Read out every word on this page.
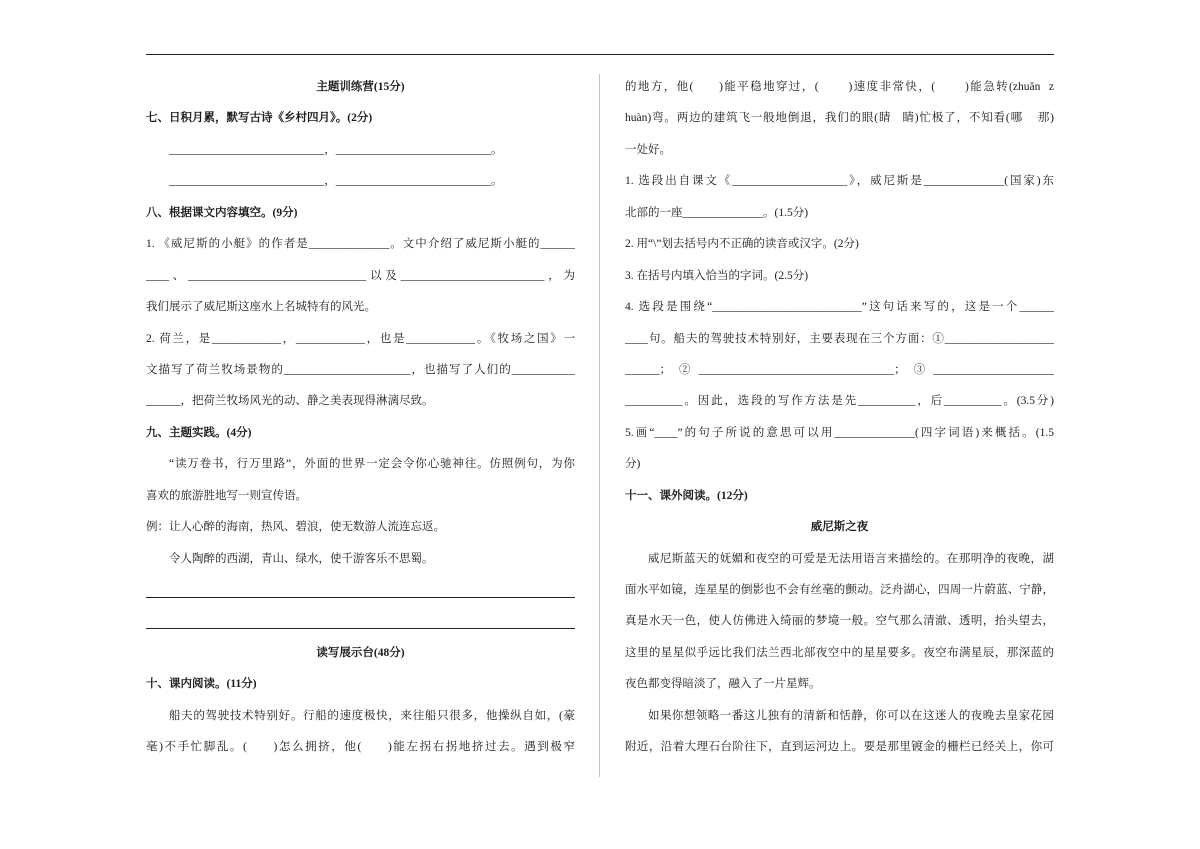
主题训练营(15分)
七、日积月累，默写古诗《乡村四月》。(2分)
___________________________，___________________________。
___________________________，___________________________。
八、根据课文内容填空。(9分)
1. 《威尼斯的小艇》的作者是______________。文中介绍了威尼斯小艇的______
____、_______________________________以及_________________________，为
我们展示了威尼斯这座水上名城特有的风光。
2. 荷兰，是____________，____________，也是____________。《牧场之国》一
文描写了荷兰牧场景物的______________________，也描写了人们的___________
______，把荷兰牧场风光的动、静之美表现得淋漓尽致。
九、主题实践。(4分)
“读万卷书，行万里路”，外面的世界一定会令你心驰神往。仿照例句，为你
喜欢的旅游胜地写一则宣传语。
例：让人心醉的海南，热风、碧浪，使无数游人流连忘返。
令人陶醉的西湖，青山、绿水，使千游客乐不思蜀。
读写展示台(48分)
十、课内阅读。(11分)
船夫的驾驶技术特别好。行船的速度极快，来往船只很多，他操纵自如，(豪
毫)不手忙脚乱。(      )怎么拥挤，他(      )能左拐右拐地挤过去。遇到极窄
的地方，他(      )能平稳地穿过，(       )速度非常快，(       )能急转(zhuǎn  z
huàn)弯。两边的建筑飞一般地倒退，我们的眼(睛   睛)忙极了，不知看(哪    那)
一处好。
1. 选段出自课文《____________________》，威尼斯是______________(国家)东
北部的一座______________。(1.5分)
2. 用“\”划去括号内不正确的读音或汉字。(2分)
3. 在括号内填入恰当的字词。(2.5分)
4. 选段是围绕“__________________________”这句话来写的，这是一个______
____句。船夫的驾驶技术特别好，主要表现在三个方面：①___________________
______；②__________________________________；③_____________________
__________。因此，选段的写作方法是先__________，后__________。(3.5分)
5.画“____”的句子所说的意思可以用______________(四字词语)来概括。(1.5
分)
十一、课外阅读。(12分)
威尼斯之夜
威尼斯蓝天的妩媚和夜空的可爱是无法用语言来描绘的。在那明净的夜晚，湖
面水平如镜，连星星的倒影也不会有丝毫的颤动。泛舟湖心，四周一片蔚蓝、宁静，
真是水天一色，使人仿佛进入绮丽的梦境一般。空气那么清澈、透明，抬头望去，
这里的星星似乎远比我们法兰西北部夜空中的星星要多。夜空布满星辰，那深蓝的
夜色都变得暗淡了，融入了一片星辉。
如果你想领略一番这儿独有的清新和恬静，你可以在这迷人的夜晚去皇家花园
附近，沿着大理石台阶往下，直到运河边上。要是那里镀金的栅栏已经关上，你可
